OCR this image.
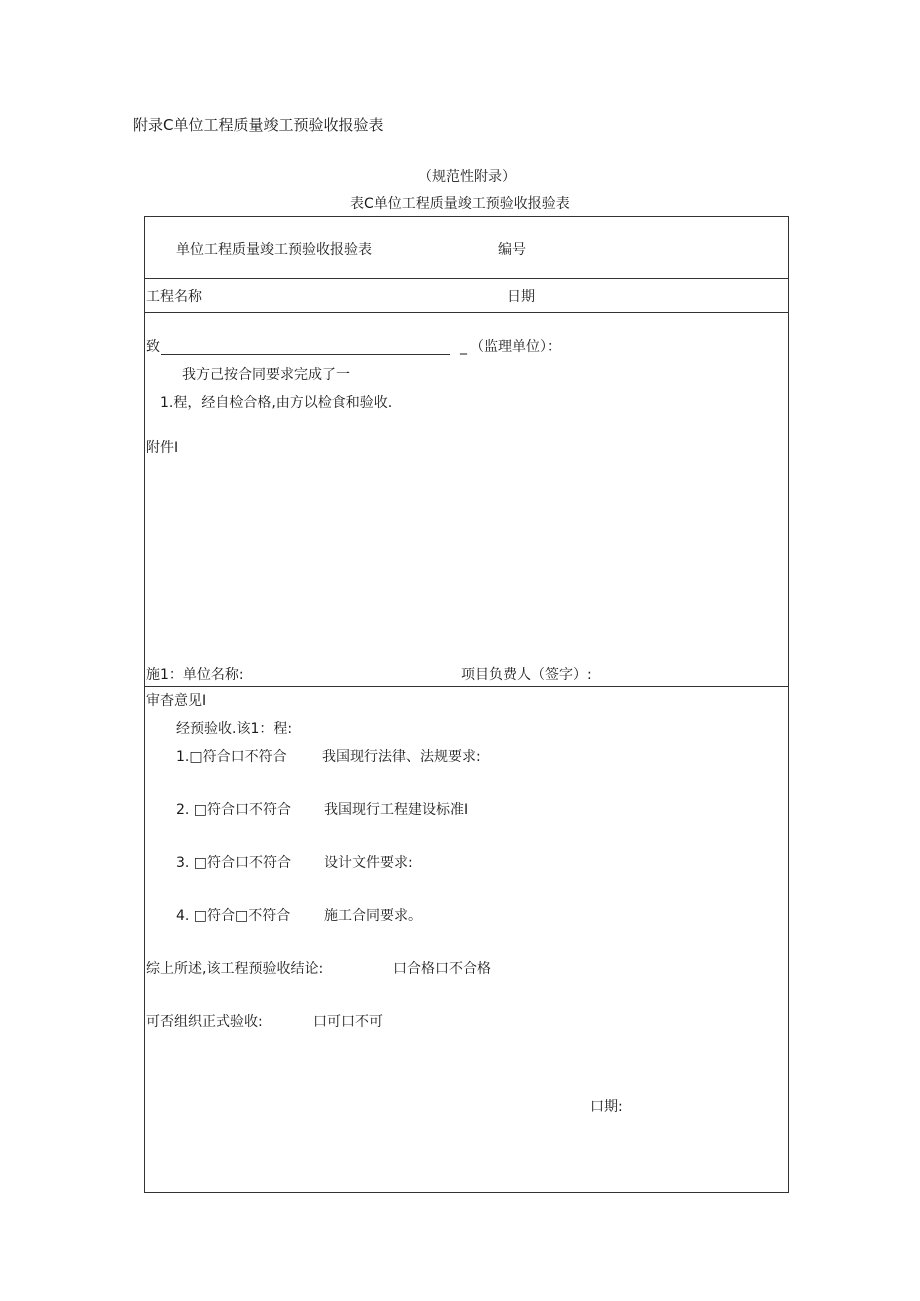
附录C单位工程质量竣工预验收报验表
（规范性附录）
表C单位工程质量竣工预验收报验表
单位工程质量竣工预验收报验表	编号
工程名称	日期
致	_ （监理单位）：
我方己按合同要求完成了一
1.程，经自检合格,由方以检食和验收.
附件I
施1：单位名称:	项目负费人（签字）:
审杳意见I
经预验收.该1：程:
1.□符合口不符合	我国现行法律、法规要求:
2. □符合口不符合 我国现行工程建设标准I
3. □符合口不符合 设计文件要求:
4. □符合□不符合 施工合同要求。
综上所述,该工程预验收结论:	口合格口不合格
可否组织正式验收:	口可口不可
口期:
